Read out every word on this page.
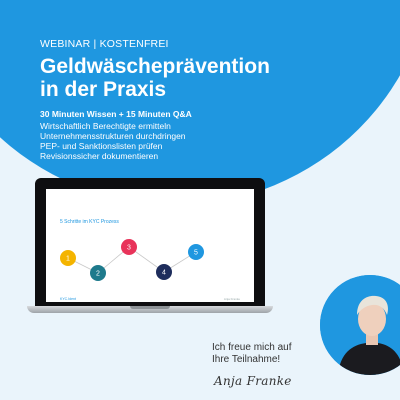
WEBINAR | KOSTENFREI
Geldwäscheprävention
in der Praxis
30 Minuten Wissen + 15 Minuten Q&A
Wirtschaftlich Berechtigte ermitteln
Unternehmensstrukturen durchdringen
PEP- und Sanktionslisten prüfen
Revisionssicher dokumentieren
5 Schritte im KYC Prozess
1
2
3
4
5
KYC.Ident	Anja Franke
Ich freue mich auf
Ihre Teilnahme!
Anja Franke
